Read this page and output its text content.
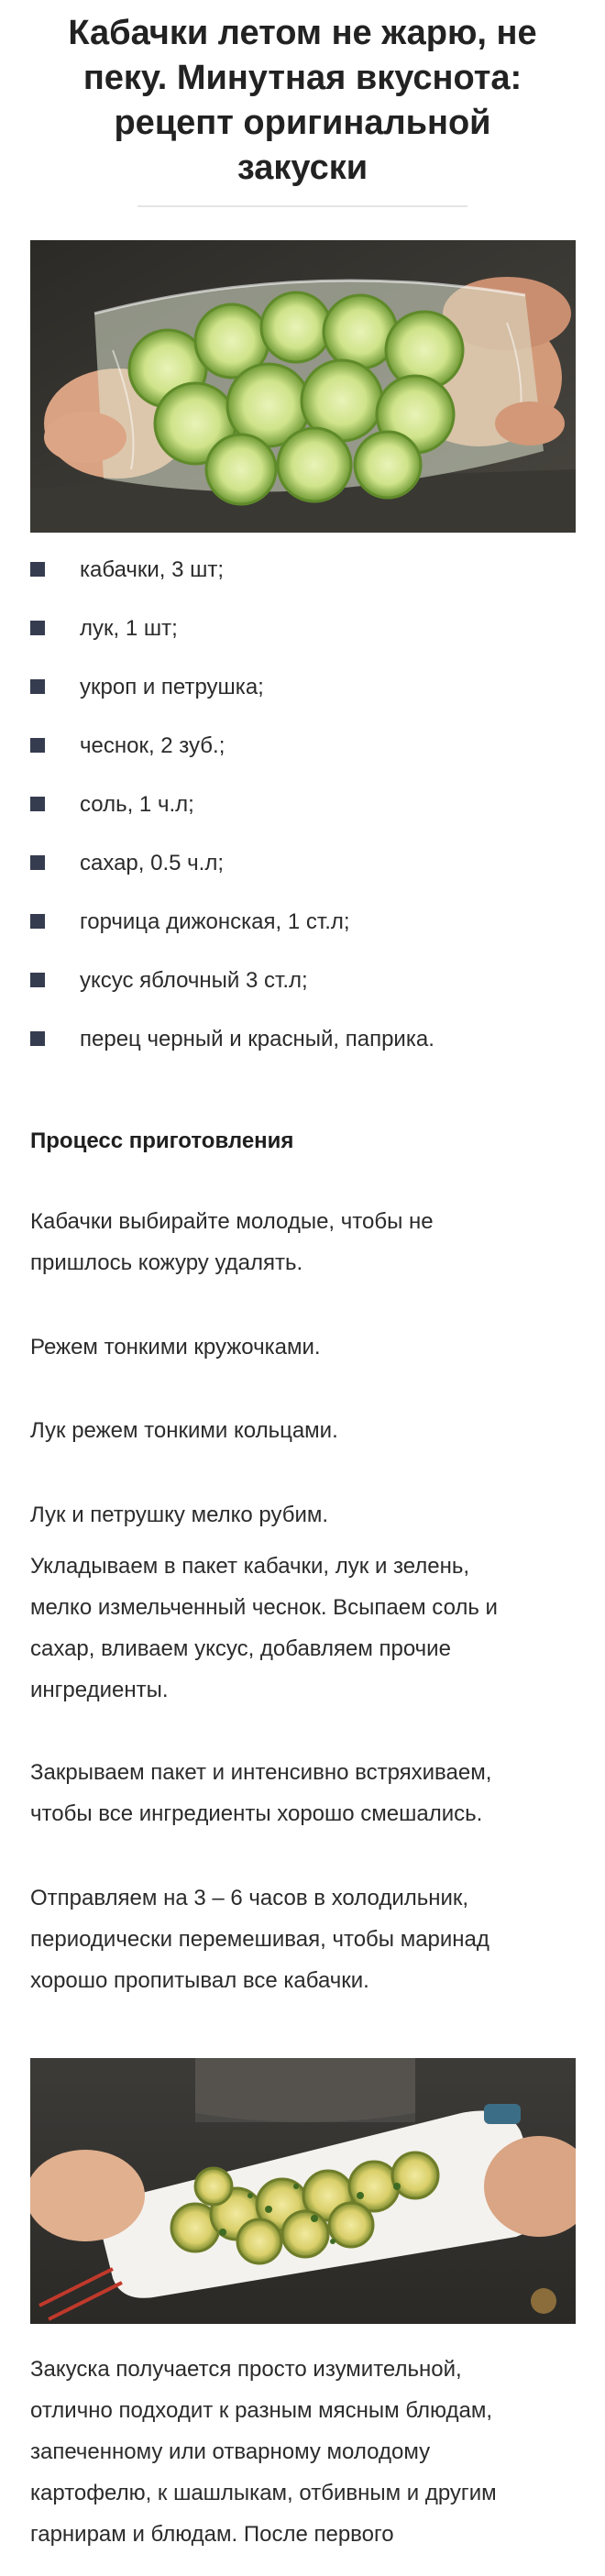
Кабачки летом не жарю, не
пеку. Минутная вкуснота:
рецепт оригинальной
закуски
кабачки, 3 шт;
лук, 1 шт;
укроп и петрушка;
чеснок, 2 зуб.;
соль, 1 ч.л;
сахар, 0.5 ч.л;
горчица дижонская, 1 ст.л;
уксус яблочный 3 ст.л;
перец черный и красный, паприка.
Процесс приготовления

Кабачки выбирайте молодые, чтобы не
пришлось кожуру удалять.

Режем тонкими кружочками.

Лук режем тонкими кольцами.

Лук и петрушку мелко рубим.

Укладываем в пакет кабачки, лук и зелень,
мелко измельченный чеснок. Всыпаем соль и
сахар, вливаем уксус, добавляем прочие
ингредиенты.

Закрываем пакет и интенсивно встряхиваем,
чтобы все ингредиенты хорошо смешались.

Отправляем на 3 – 6 часов в холодильник,
периодически перемешивая, чтобы маринад
хорошо пропитывал все кабачки.

Закуска получается просто изумительной,
отлично подходит к разным мясным блюдам,
запеченному или отварному молодому
картофелю, к шашлыкам, отбивным и другим
гарнирам и блюдам. После первого
